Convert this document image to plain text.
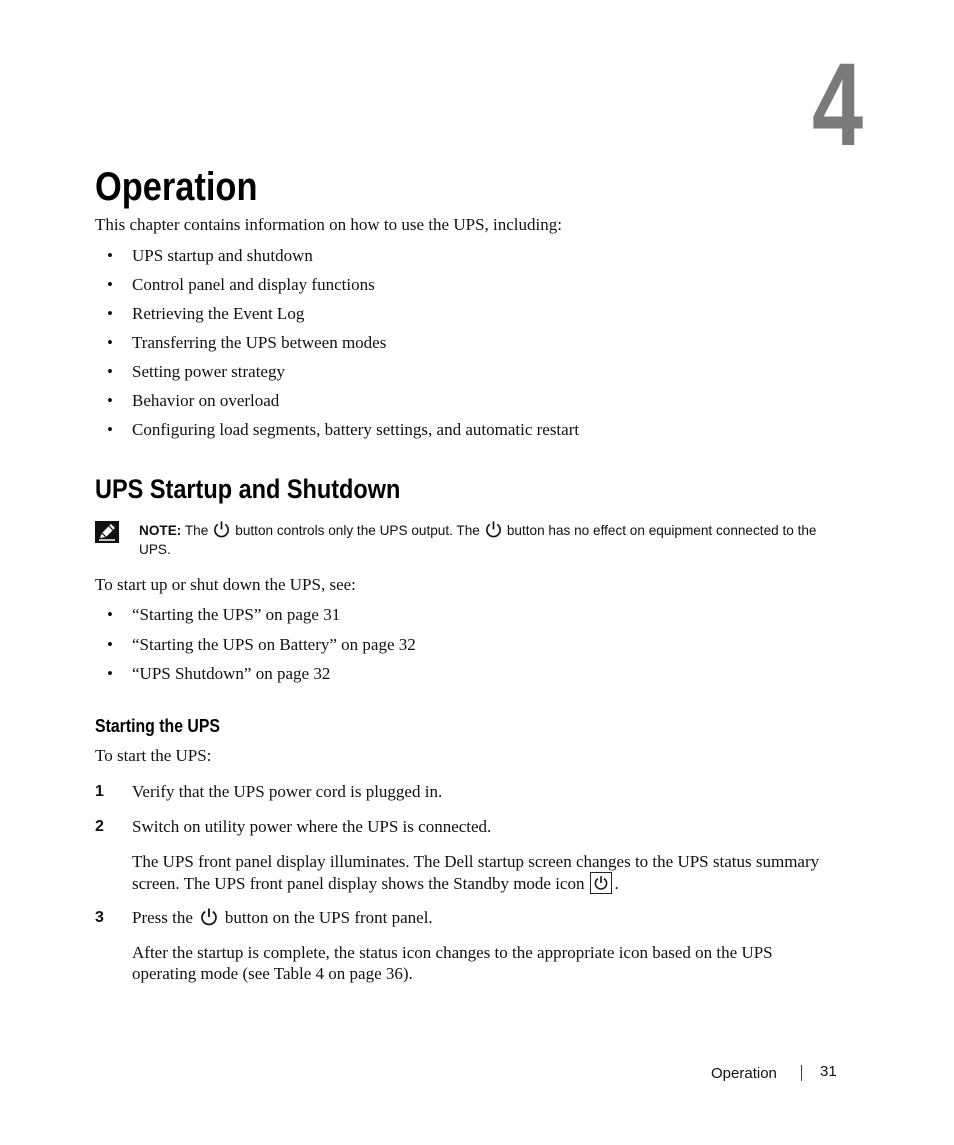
4
Operation
This chapter contains information on how to use the UPS, including:
• UPS startup and shutdown
• Control panel and display functions
• Retrieving the Event Log
• Transferring the UPS between modes
• Setting power strategy
• Behavior on overload
• Configuring load segments, battery settings, and automatic restart
UPS Startup and Shutdown
NOTE: The button controls only the UPS output. The button has no effect on equipment connected to the UPS.
To start up or shut down the UPS, see:
• “Starting the UPS” on page 31
• “Starting the UPS on Battery” on page 32
• “UPS Shutdown” on page 32
Starting the UPS
To start the UPS:
1 Verify that the UPS power cord is plugged in.
2 Switch on utility power where the UPS is connected.
The UPS front panel display illuminates. The Dell startup screen changes to the UPS status summary screen. The UPS front panel display shows the Standby mode icon .
3 Press the button on the UPS front panel.
After the startup is complete, the status icon changes to the appropriate icon based on the UPS operating mode (see Table 4 on page 36).
Operation	31
